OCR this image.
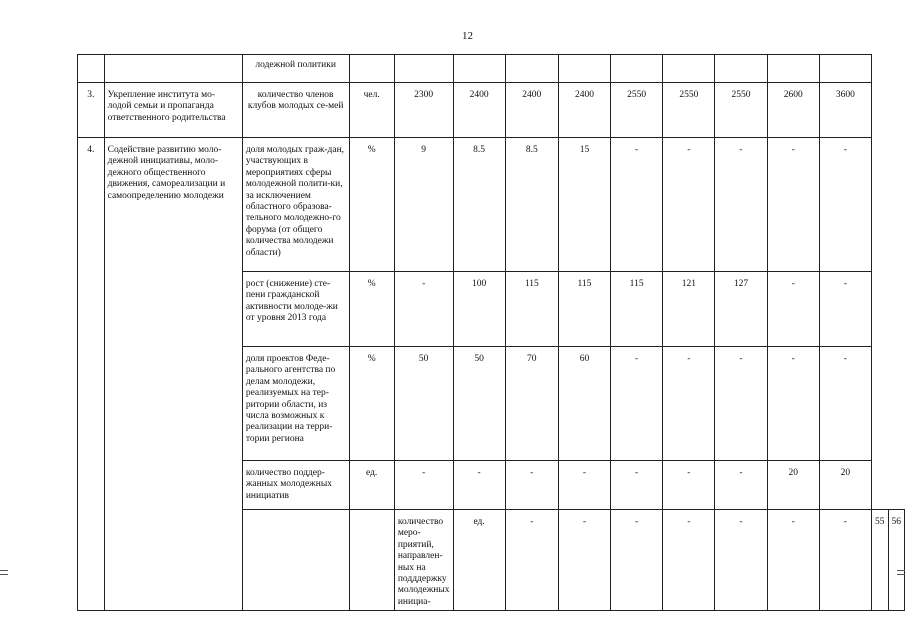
12
		лодежной политики												
3.	Укрепление института мо-лодой семьи и пропаганда ответственного родительства	количество членов клубов молодых се-мей	чел.	2300	2400	2400	2400	2550	2550	2550	2600	3600		
4.	Содействие развитию моло-дежной инициативы, моло-дежного общественного движения, самореализации и самоопределению молодежи	доля молодых граж-дан, участвующих в мероприятиях сферы молодежной полити-ки, за исключением областного образова-тельного молодежно-го форума (от общего количества молодежи области)	%	9	8.5	8.5	15	-	-	-	-	-		
		рост (снижение) сте-пени гражданской активности молоде-жи от уровня 2013 года	%	-	100	115	115	115	121	127	-	-		
		доля проектов Феде-рального агентства по делам молодежи, реализуемых на тер-ритории области, из числа возможных к реализации на терри-тории региона	%	50	50	70	60	-	-	-	-	-		
		количество поддер-жанных молодежных инициатив	ед.	-	-	-	-	-	-	-	20	20		
				количество меро-приятий, направлен-ных на подддержку молодежных инициа-	ед.	-	-	-	-	-	-	-	55	56
